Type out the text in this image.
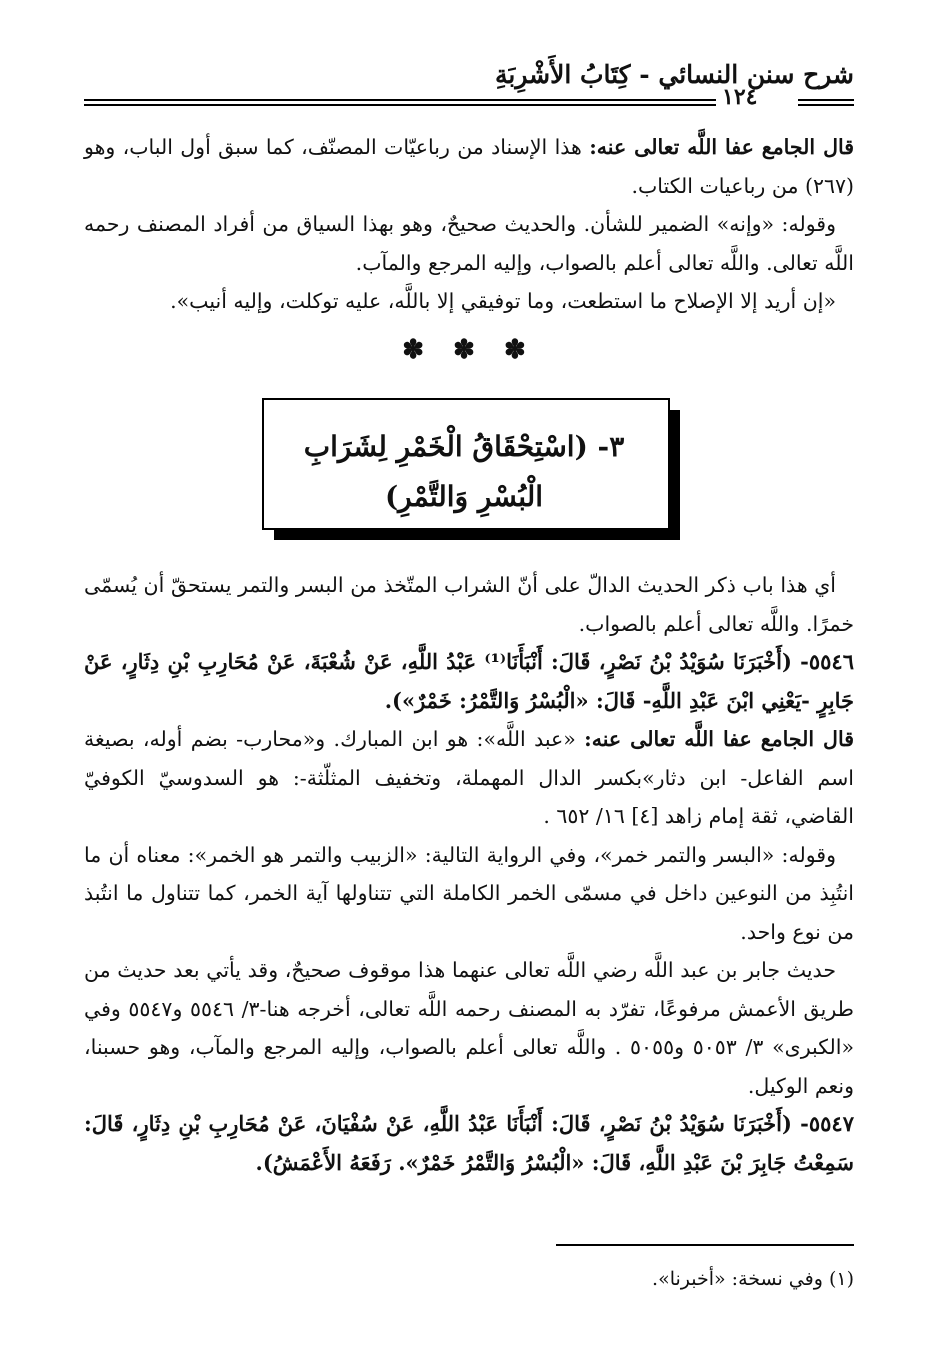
شرح سنن النسائي - كِتَابُ الأَشْرِبَةِ
١٢٤

قال الجامع عفا اللَّه تعالى عنه: هذا الإسناد من رباعيّات المصنّف، كما سبق أول الباب، وهو (٢٦٧) من رباعيات الكتاب.

وقوله: «وإنه» الضمير للشأن. والحديث صحيحٌ، وهو بهذا السياق من أفراد المصنف رحمه اللَّه تعالى. واللَّه تعالى أعلم بالصواب، وإليه المرجع والمآب.

«إن أريد إلا الإصلاح ما استطعت، وما توفيقي إلا باللَّه، عليه توكلت، وإليه أنيب».

✽ ✽ ✽
٣- (اسْتِحْقَاقُ الْخَمْرِ لِشَرَابِ الْبُسْرِ وَالتَّمْرِ)

أي هذا باب ذكر الحديث الدالّ على أنّ الشراب المتّخذ من البسر والتمر يستحقّ أن يُسمّى خمرًا. واللَّه تعالى أعلم بالصواب.

٥٥٤٦- (أَخْبَرَنَا سُوَيْدُ بْنُ نَصْرٍ، قَالَ: أَنْبَأَنَا⁽¹⁾ عَبْدُ اللَّهِ، عَنْ شُعْبَةَ، عَنْ مُحَارِبِ بْنِ دِثَارٍ، عَنْ جَابِرٍ -يَعْنِي ابْنَ عَبْدِ اللَّهِ- قَالَ: «الْبُسْرُ وَالتَّمْرُ: خَمْرٌ»).

قال الجامع عفا اللَّه تعالى عنه: «عبد اللَّه»: هو ابن المبارك. و«محارب- بضم أوله، بصيغة اسم الفاعل- ابن دثار»بكسر الدال المهملة، وتخفيف المثلّثة-: هو السدوسيّ الكوفيّ القاضي، ثقة إمام زاهد [٤] ١٦/ ٦٥٢ .

وقوله: «البسر والتمر خمر»، وفي الرواية التالية: «الزبيب والتمر هو الخمر»: معناه أن ما انتُبِذ من النوعين داخل في مسمّى الخمر الكاملة التي تتناولها آية الخمر، كما تتناول ما انتُبذ من نوع واحد.

حديث جابر بن عبد اللَّه رضي اللَّه تعالى عنهما هذا موقوف صحيحٌ، وقد يأتي بعد حديث من طريق الأعمش مرفوعًا، تفرّد به المصنف رحمه اللَّه تعالى، أخرجه هنا-٣/ ٥٥٤٦ و٥٥٤٧ وفي «الكبرى» ٣/ ٥٠٥٣ و٥٠٥٥ . واللَّه تعالى أعلم بالصواب، وإليه المرجع والمآب، وهو حسبنا، ونعم الوكيل.

٥٥٤٧- (أَخْبَرَنَا سُوَيْدُ بْنُ نَصْرٍ، قَالَ: أَنْبَأَنَا عَبْدُ اللَّهِ، عَنْ سُفْيَانَ، عَنْ مُحَارِبِ بْنِ دِثَارٍ، قَالَ: سَمِعْتُ جَابِرَ بْنَ عَبْدِ اللَّهِ، قَالَ: «الْبُسْرُ وَالتَّمْرُ خَمْرٌ». رَفَعَهُ الأَعْمَشُ).

(١) وفي نسخة: «أخبرنا».
